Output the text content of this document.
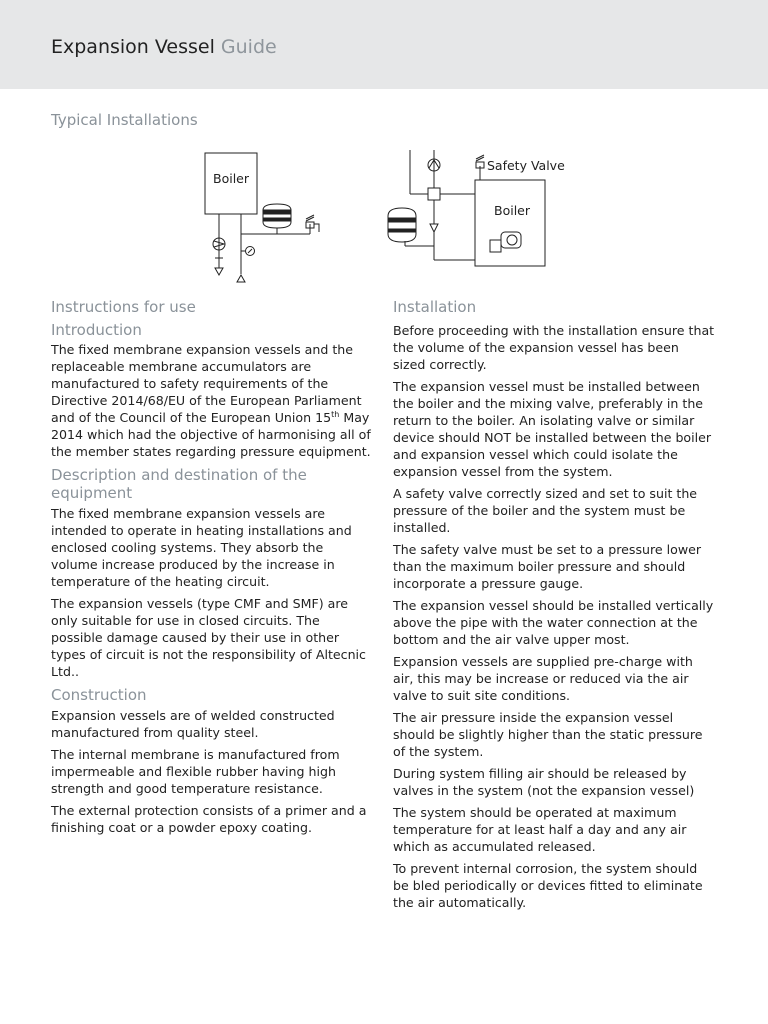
Expansion Vessel Guide
Typical Installations
Boiler
Safety Valve
Boiler
Instructions for use
Introduction

The fixed membrane expansion vessels and the replaceable membrane accumulators are manufactured to safety requirements of the Directive 2014/68/EU of the European Parliament and of the Council of the European Union 15th May 2014 which had the objective of harmonising all of the member states regarding pressure equipment.

Description and destination of the equipment

The fixed membrane expansion vessels are intended to operate in heating installations and enclosed cooling systems. They absorb the volume increase produced by the increase in temperature of the heating circuit.

The expansion vessels (type CMF and SMF) are only suitable for use in closed circuits. The possible damage caused by their use in other types of circuit is not the responsibility of Altecnic Ltd..

Construction

Expansion vessels are of welded constructed manufactured from quality steel.

The internal membrane is manufactured from impermeable and flexible rubber having high strength and good temperature resistance.

The external protection consists of a primer and a finishing coat or a powder epoxy coating.

Installation

Before proceeding with the installation ensure that the volume of the expansion vessel has been sized correctly.

The expansion vessel must be installed between the boiler and the mixing valve, preferably in the return to the boiler. An isolating valve or similar device should NOT be installed between the boiler and expansion vessel which could isolate the expansion vessel from the system.

A safety valve correctly sized and set to suit the pressure of the boiler and the system must be installed.

The safety valve must be set to a pressure lower than the maximum boiler pressure and should incorporate a pressure gauge.

The expansion vessel should be installed vertically above the pipe with the water connection at the bottom and the air valve upper most.

Expansion vessels are supplied pre-charge with air, this may be increase or reduced via the air valve to suit site conditions.

The air pressure inside the expansion vessel should be slightly higher than the static pressure of the system.

During system filling air should be released by valves in the system (not the expansion vessel)

The system should be operated at maximum temperature for at least half a day and any air which as accumulated released.

To prevent internal corrosion, the system should be bled periodically or devices fitted to eliminate the air automatically.
